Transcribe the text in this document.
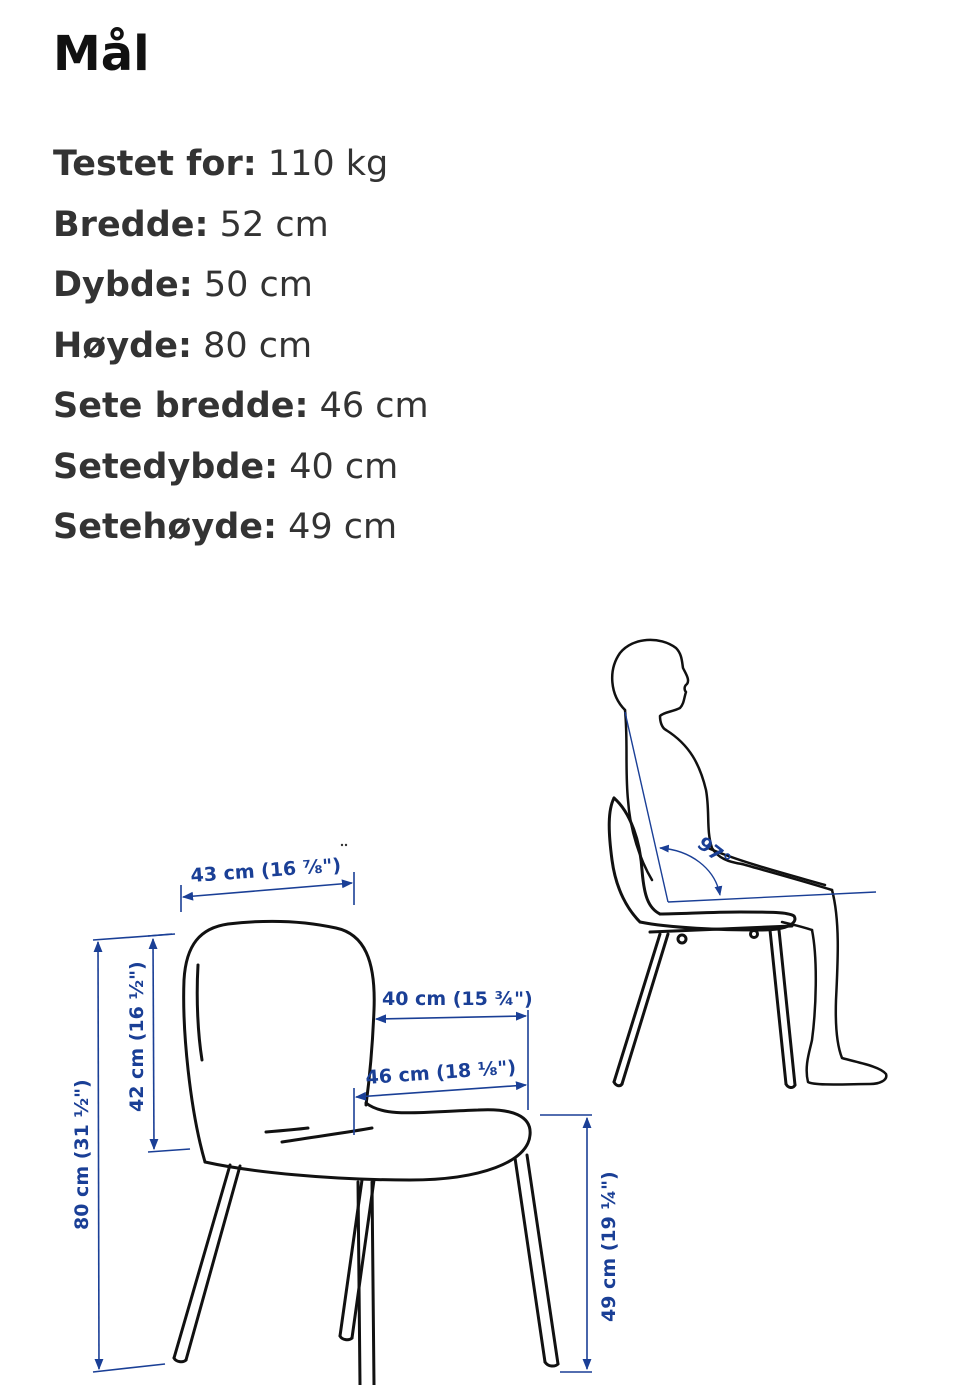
Mål
Testet for: 110 kg
Bredde: 52 cm
Dybde: 50 cm
Høyde: 80 cm
Sete bredde: 46 cm
Setedybde: 40 cm
Setehøyde: 49 cm
43 cm (16 ⅞")
40 cm (15 ¾")
46 cm (18 ⅛")
80 cm (31 ½")
42 cm (16 ½")
49 cm (19 ¼")
97°
